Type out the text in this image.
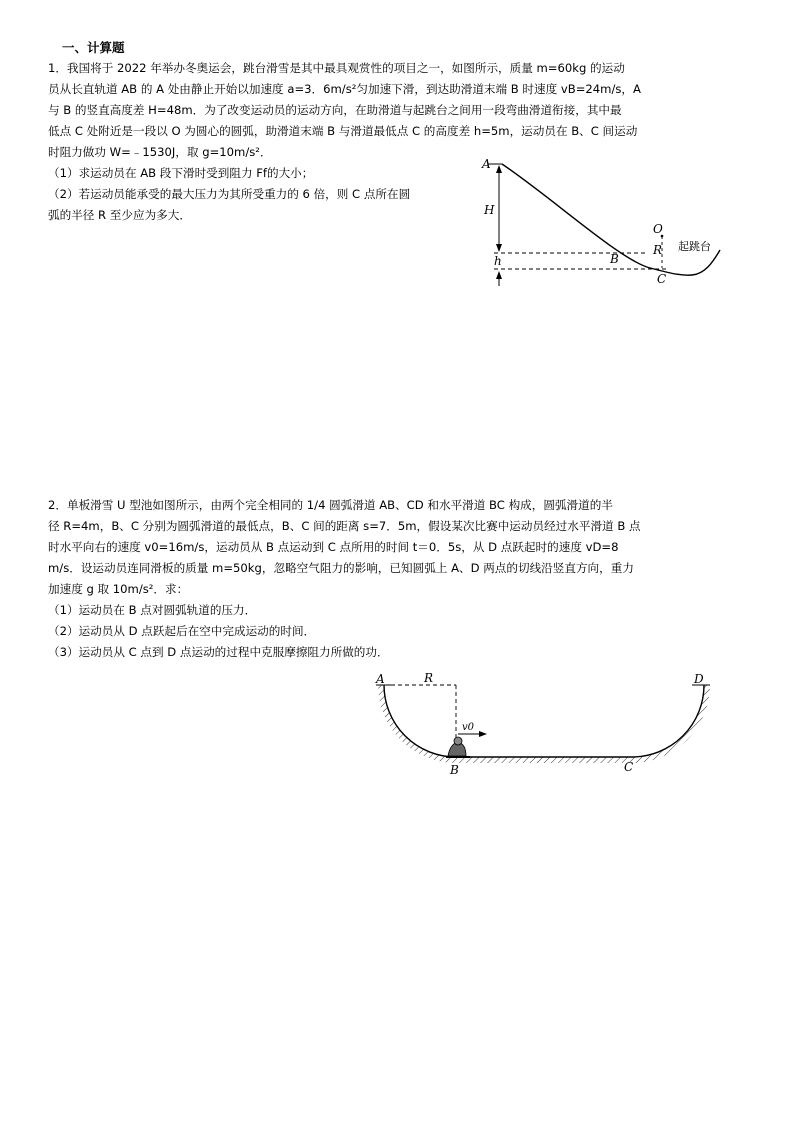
一、计算题
1．我国将于 2022 年举办冬奥运会，跳台滑雪是其中最具观赏性的项目之一，如图所示，质量 m=60kg 的运动
员从长直轨道 AB 的 A 处由静止开始以加速度 a=3．6m/s²匀加速下滑，到达助滑道末端 B 时速度 vB=24m/s，A
与 B 的竖直高度差 H=48m．为了改变运动员的运动方向，在助滑道与起跳台之间用一段弯曲滑道衔接，其中最
低点 C 处附近是一段以 O 为圆心的圆弧，助滑道末端 B 与滑道最低点 C 的高度差 h=5m，运动员在 B、C 间运动
时阻力做功 W=﹣1530J，取 g=10m/s²．
（1）求运动员在 AB 段下滑时受到阻力 Ff的大小；
（2）若运动员能承受的最大压力为其所受重力的 6 倍，则 C 点所在圆
弧的半径 R 至少应为多大．
A
H
h	B
O
R
C
起跳台
2．单板滑雪 U 型池如图所示，由两个完全相同的 1/4 圆弧滑道 AB、CD 和水平滑道 BC 构成，圆弧滑道的半
径 R=4m，B、C 分别为圆弧滑道的最低点，B、C 间的距离 s=7．5m，假设某次比赛中运动员经过水平滑道 B 点
时水平向右的速度 v0=16m/s，运动员从 B 点运动到 C 点所用的时间 t＝0．5s，从 D 点跃起时的速度 vD=8
m/s．设运动员连同滑板的质量 m=50kg，忽略空气阻力的影响，已知圆弧上 A、D 两点的切线沿竖直方向，重力
加速度 g 取 10m/s²．求：
（1）运动员在 B 点对圆弧轨道的压力．
（2）运动员从 D 点跃起后在空中完成运动的时间．
（3）运动员从 C 点到 D 点运动的过程中克服摩擦阻力所做的功．
A	R
v0
B	C
D
